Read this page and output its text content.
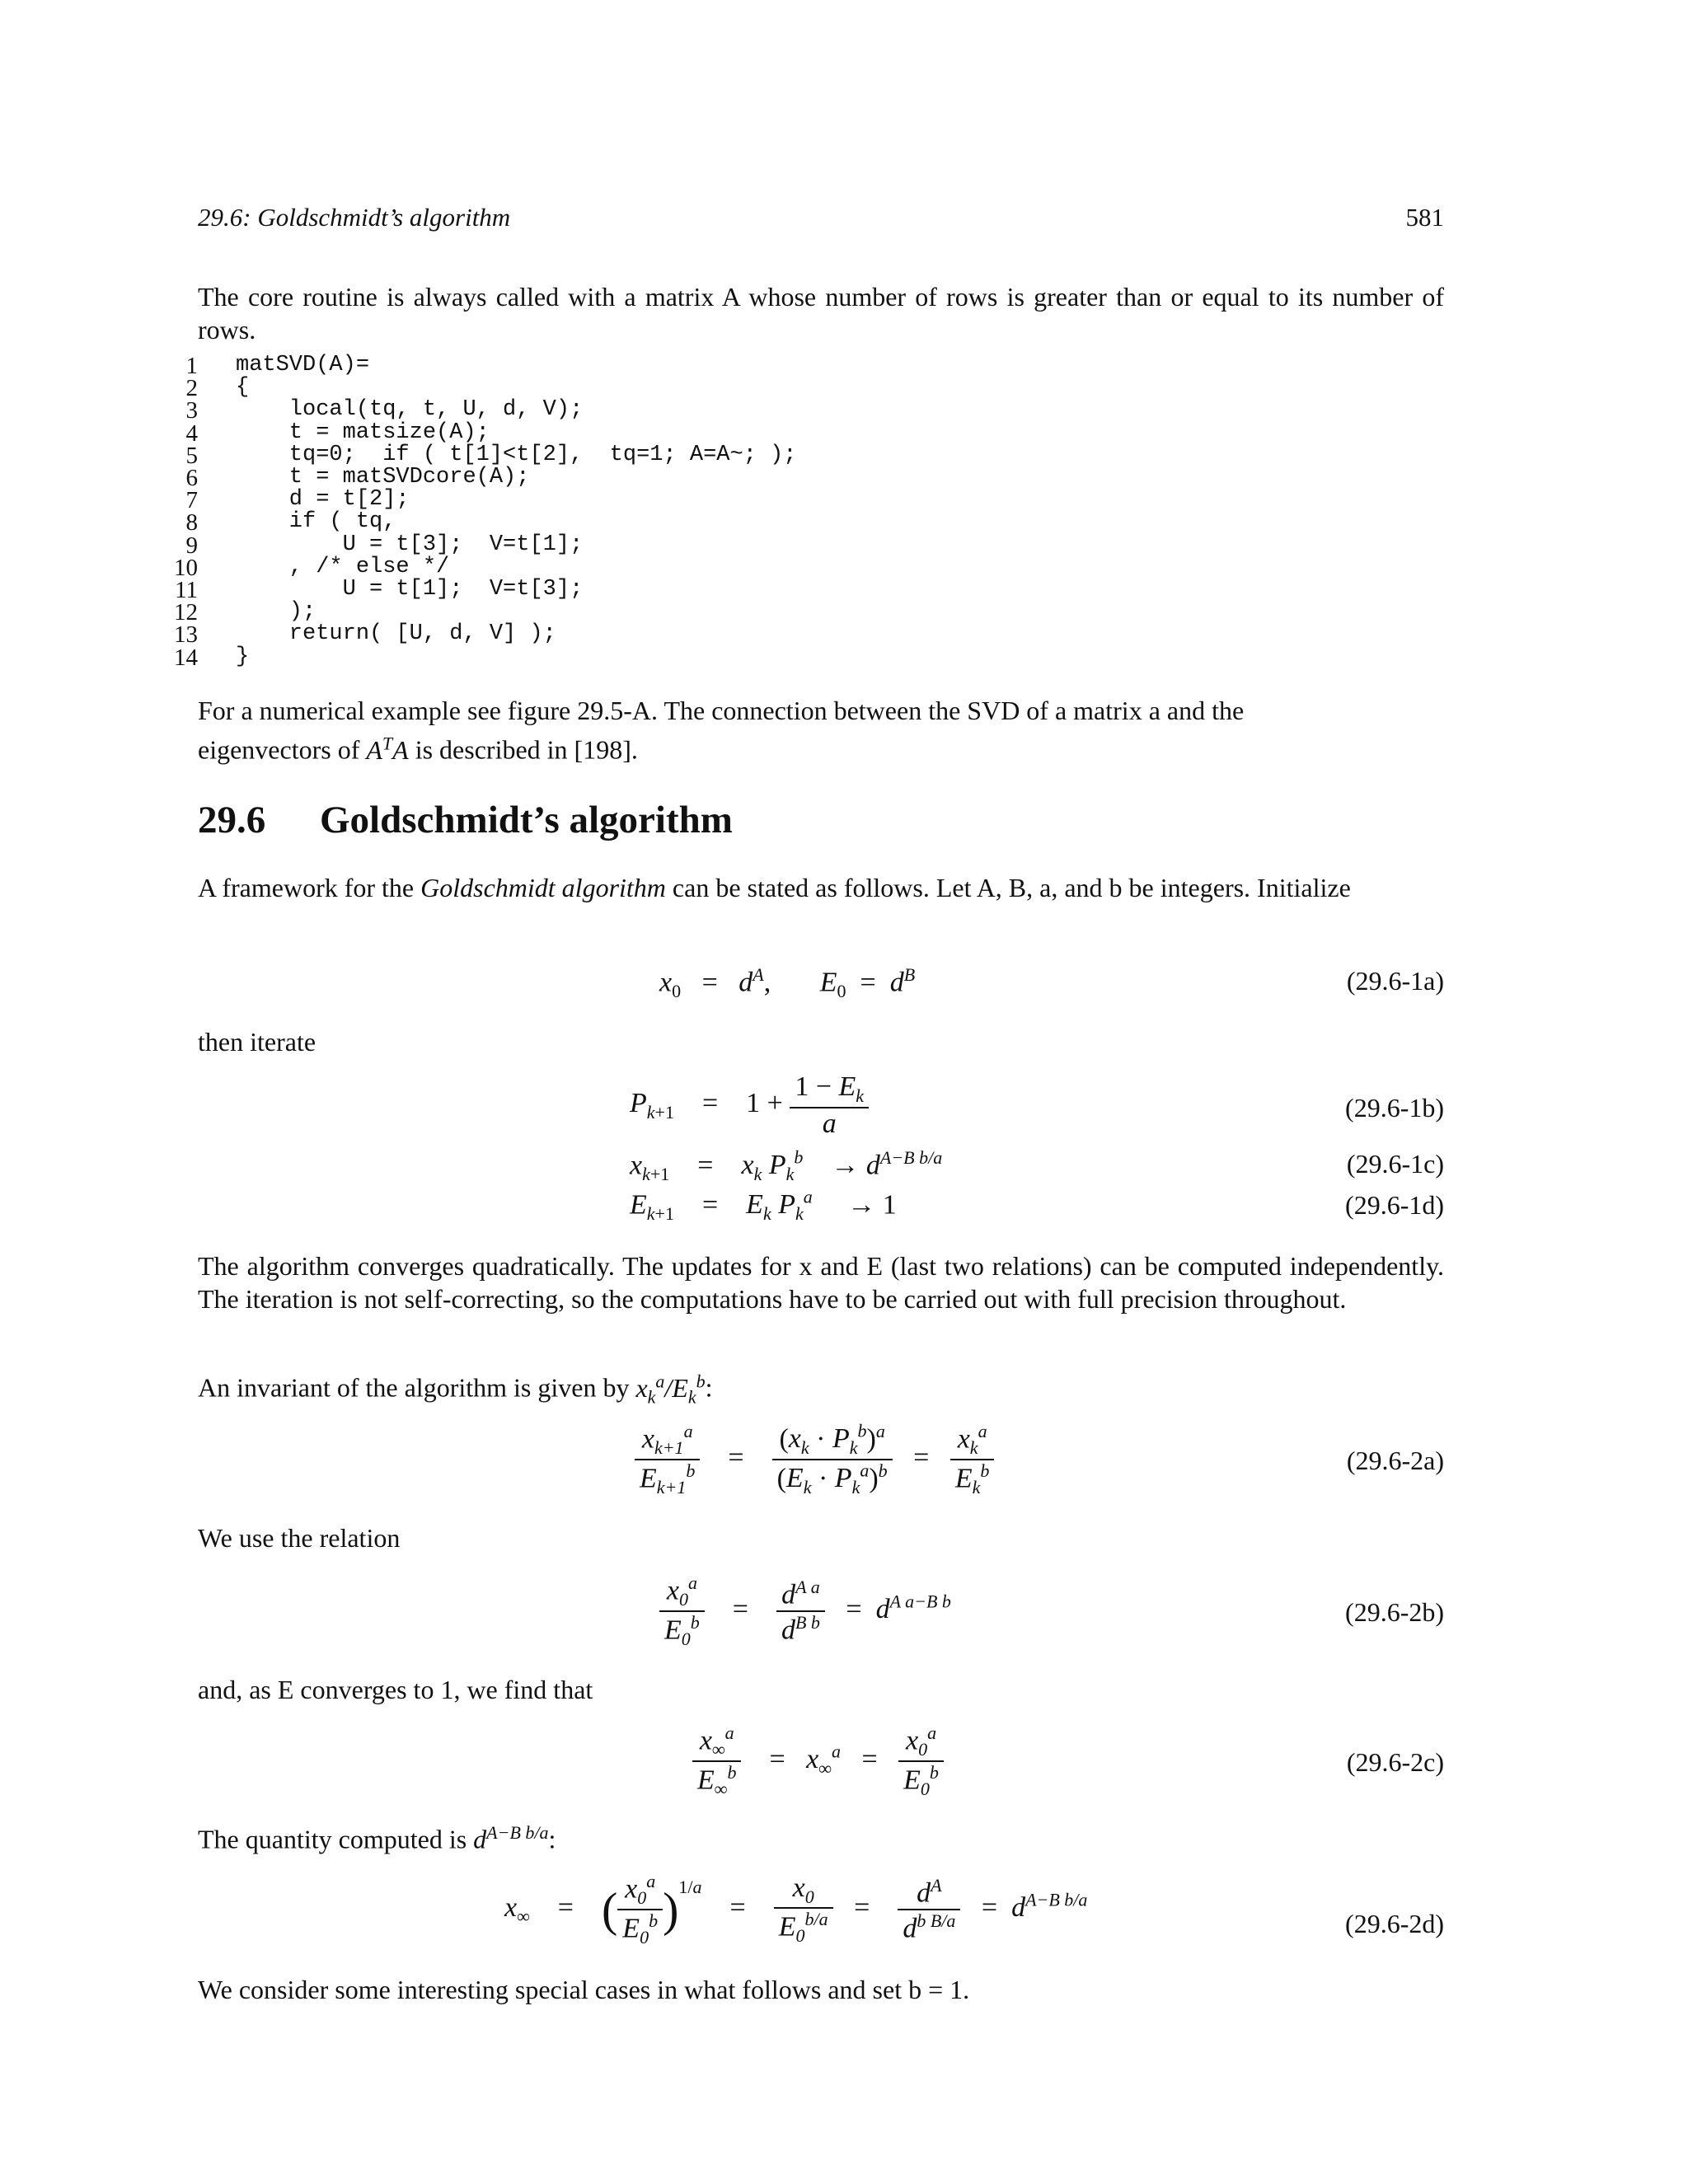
29.6: Goldschmidt’s algorithm	581
The core routine is always called with a matrix A whose number of rows is greater than or equal to its number of rows.
1 matSVD(A)=
2 {
3 local(tq, t, U, d, V);
4 t = matsize(A);
5 tq=0;  if ( t[1]<t[2],  tq=1; A=A~; );
6 t = matSVDcore(A);
7 d = t[2];
8 if ( tq,
9 U = t[3];  V=t[1];
10 , /* else */
11 U = t[1];  V=t[3];
12 );
13 return( [U, d, V] );
14 }
For a numerical example see figure 29.5-A. The connection between the SVD of a matrix a and the
eigenvectors of $A^TA$ is described in [198].
29.6 Goldschmidt’s algorithm
A framework for the Goldschmidt algorithm can be stated as follows. Let A, B, a, and b be integers. Initialize
$x_0 = d^A$,       $E_0 = d^B$	(29.6-1a)
then iterate
$P_{k+1}$    =    $1 + \frac{1 - E_k}{a}$	(29.6-1b)
$x_{k+1}$    =    $x_k$ $P_k^b$    → $d^{A-B b/a}$	(29.6-1c)
$E_{k+1}$    =    $E_k$ $P_k^a$     → 1	(29.6-1d)
The algorithm converges quadratically. The updates for x and E (last two relations) can be computed independently. The iteration is not self-correcting, so the computations have to be carried out with full precision throughout.
An invariant of the algorithm is given by $x_k^a/E_k^b$:
$\frac{x_{k+1}^a}{E_{k+1}^b} = \frac{(x_k \cdot P_k^b)^a}{(E_k \cdot P_k^a)^b} = \frac{x_k^a}{E_k^b}$	(29.6-2a)
We use the relation
$\frac{x_0^a}{E_0^b} = \frac{d^{A a}}{d^{B b}} = d^{A a-B b}$	(29.6-2b)
and, as E converges to 1, we find that
$\frac{x_\infty^a}{E_\infty^b} = x_\infty^a = \frac{x_0^a}{E_0^b}$	(29.6-2c)
The quantity computed is $d^{A-B b/a}$:
$x_\infty$    =    ( $\frac{x_0^a}{E_0^b} )^{1/a}$    = $\frac{x_0}{E_0^{b/a}} = \frac{d^A}{d^{b B/a}} = d^{A-B b/a}$
(29.6-2d)
We consider some interesting special cases in what follows and set b = 1.
